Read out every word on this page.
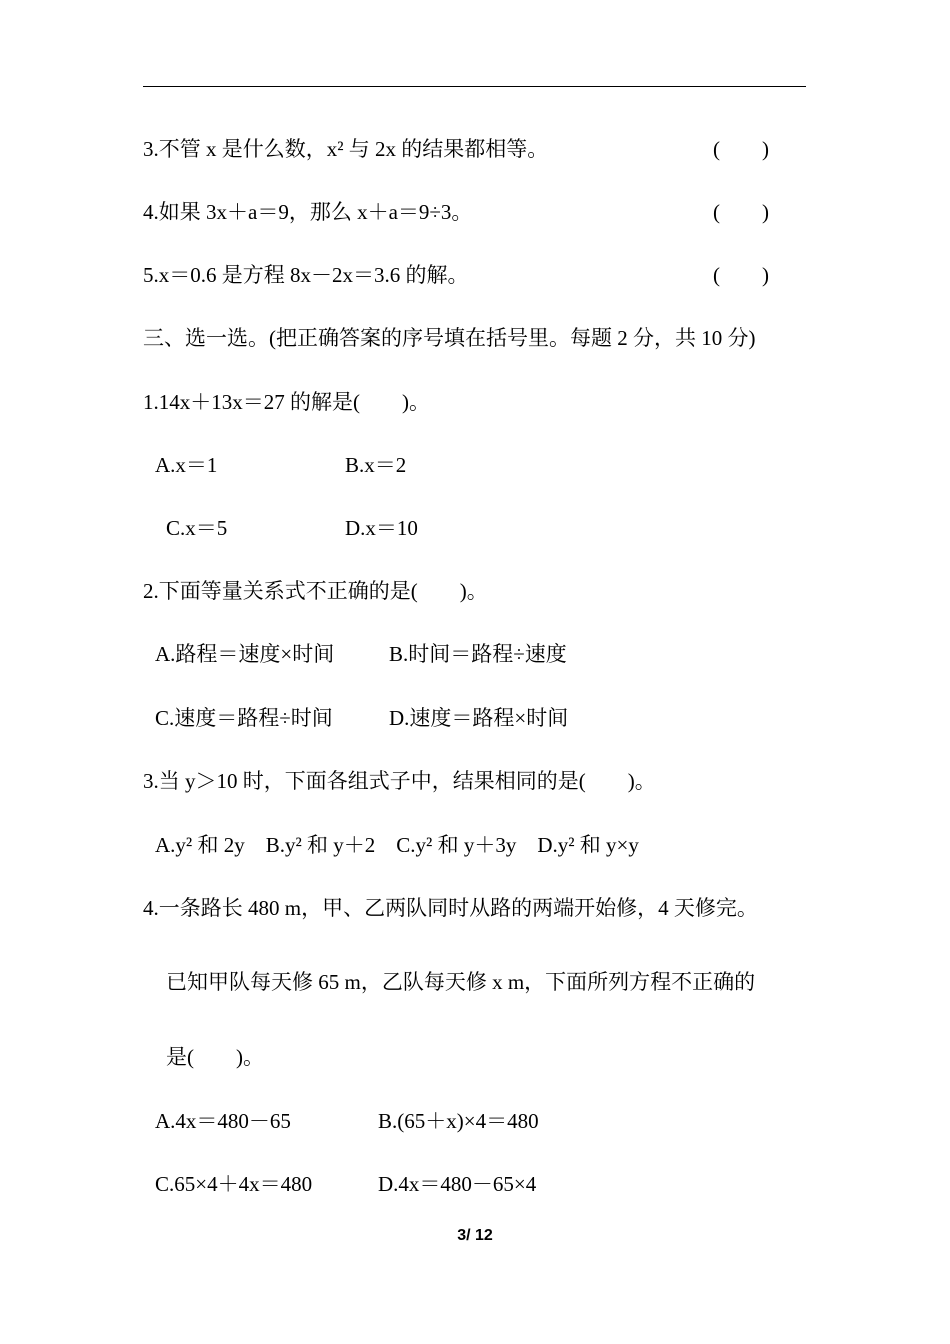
3.不管 x 是什么数，x² 与 2x 的结果都相等。	(　　)
4.如果 3x＋a＝9，那么 x＋a＝9÷3。	(　　)
5.x＝0.6 是方程 8x－2x＝3.6 的解。	(　　)
三、选一选。(把正确答案的序号填在括号里。每题 2 分，共 10 分)
1.14x＋13x＝27 的解是(　　)。
A.x＝1	B.x＝2
C.x＝5	D.x＝10
2.下面等量关系式不正确的是(　　)。
A.路程＝速度×时间	B.时间＝路程÷速度
C.速度＝路程÷时间	D.速度＝路程×时间
3.当 y＞10 时，下面各组式子中，结果相同的是(　　)。
A.y² 和 2y　B.y² 和 y＋2　C.y² 和 y＋3y　D.y² 和 y×y
4.一条路长 480 m，甲、乙两队同时从路的两端开始修，4 天修完。
已知甲队每天修 65 m，乙队每天修 x m，下面所列方程不正确的
是(　　)。
A.4x＝480－65	B.(65＋x)×4＝480
C.65×4＋4x＝480	D.4x＝480－65×4
3/ 12
